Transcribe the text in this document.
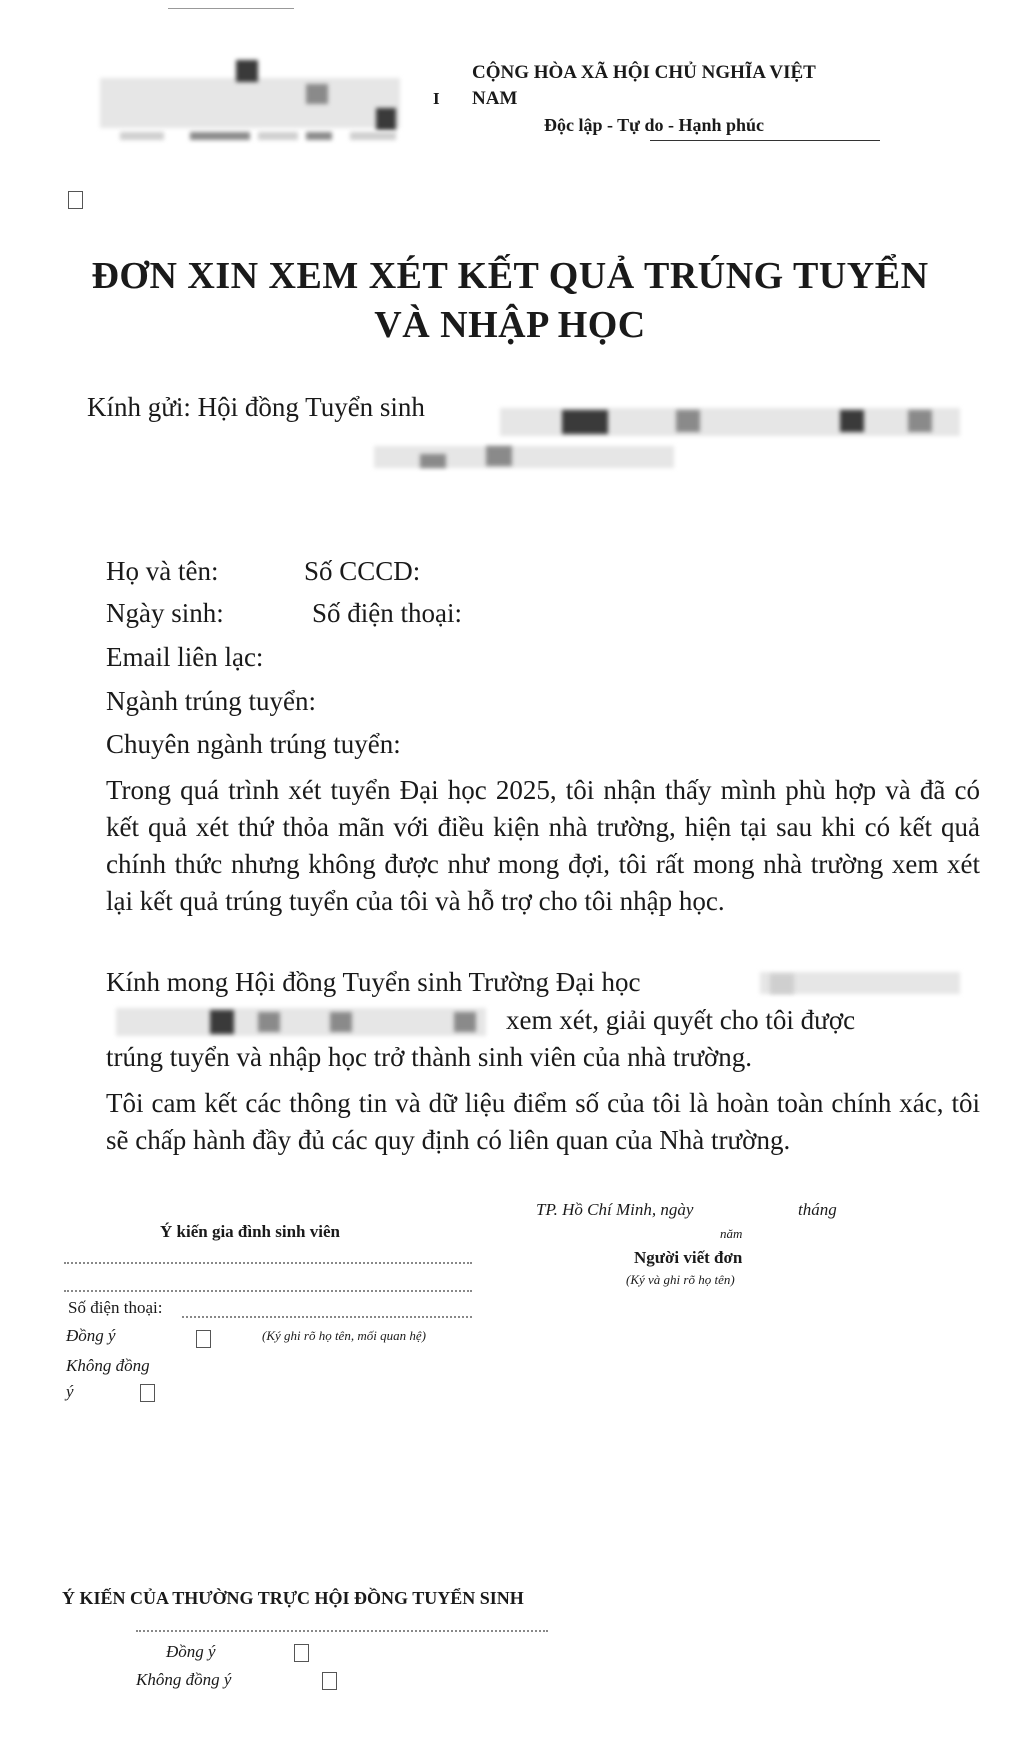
I
CỘNG HÒA XÃ HỘI CHỦ NGHĨA VIỆT
NAM
Độc lập - Tự do - Hạnh phúc
ĐƠN XIN XEM XÉT KẾT QUẢ TRÚNG TUYỂN
VÀ NHẬP HỌC
Kính gửi: Hội đồng Tuyển sinh
Họ và tên:	Số CCCD:
Ngày sinh:	Số điện thoại:
Email liên lạc:
Ngành trúng tuyển:
Chuyên ngành trúng tuyển:
Trong quá trình xét tuyển Đại học 2025, tôi nhận thấy mình phù hợp và đã có kết quả xét thứ thỏa mãn với điều kiện nhà trường, hiện tại sau khi có kết quả chính thức nhưng không được như mong đợi, tôi rất mong nhà trường xem xét lại kết quả trúng tuyển của tôi và hỗ trợ cho tôi nhập học.
Kính mong Hội đồng Tuyển sinh Trường Đại học
xem xét, giải quyết cho tôi được
trúng tuyển và nhập học trở thành sinh viên của nhà trường.
Tôi cam kết các thông tin và dữ liệu điểm số của tôi là hoàn toàn chính xác, tôi sẽ chấp hành đầy đủ các quy định có liên quan của Nhà trường.
Ý kiến gia đình sinh viên
Số điện thoại:
Đồng ý	(Ký ghi rõ họ tên, mối quan hệ)
Không đồng
ý
TP. Hồ Chí Minh, ngày	tháng
năm
Người viết đơn
(Ký và ghi rõ họ tên)
Ý KIẾN CỦA THƯỜNG TRỰC HỘI ĐỒNG TUYỂN SINH
Đồng ý
Không đồng ý
